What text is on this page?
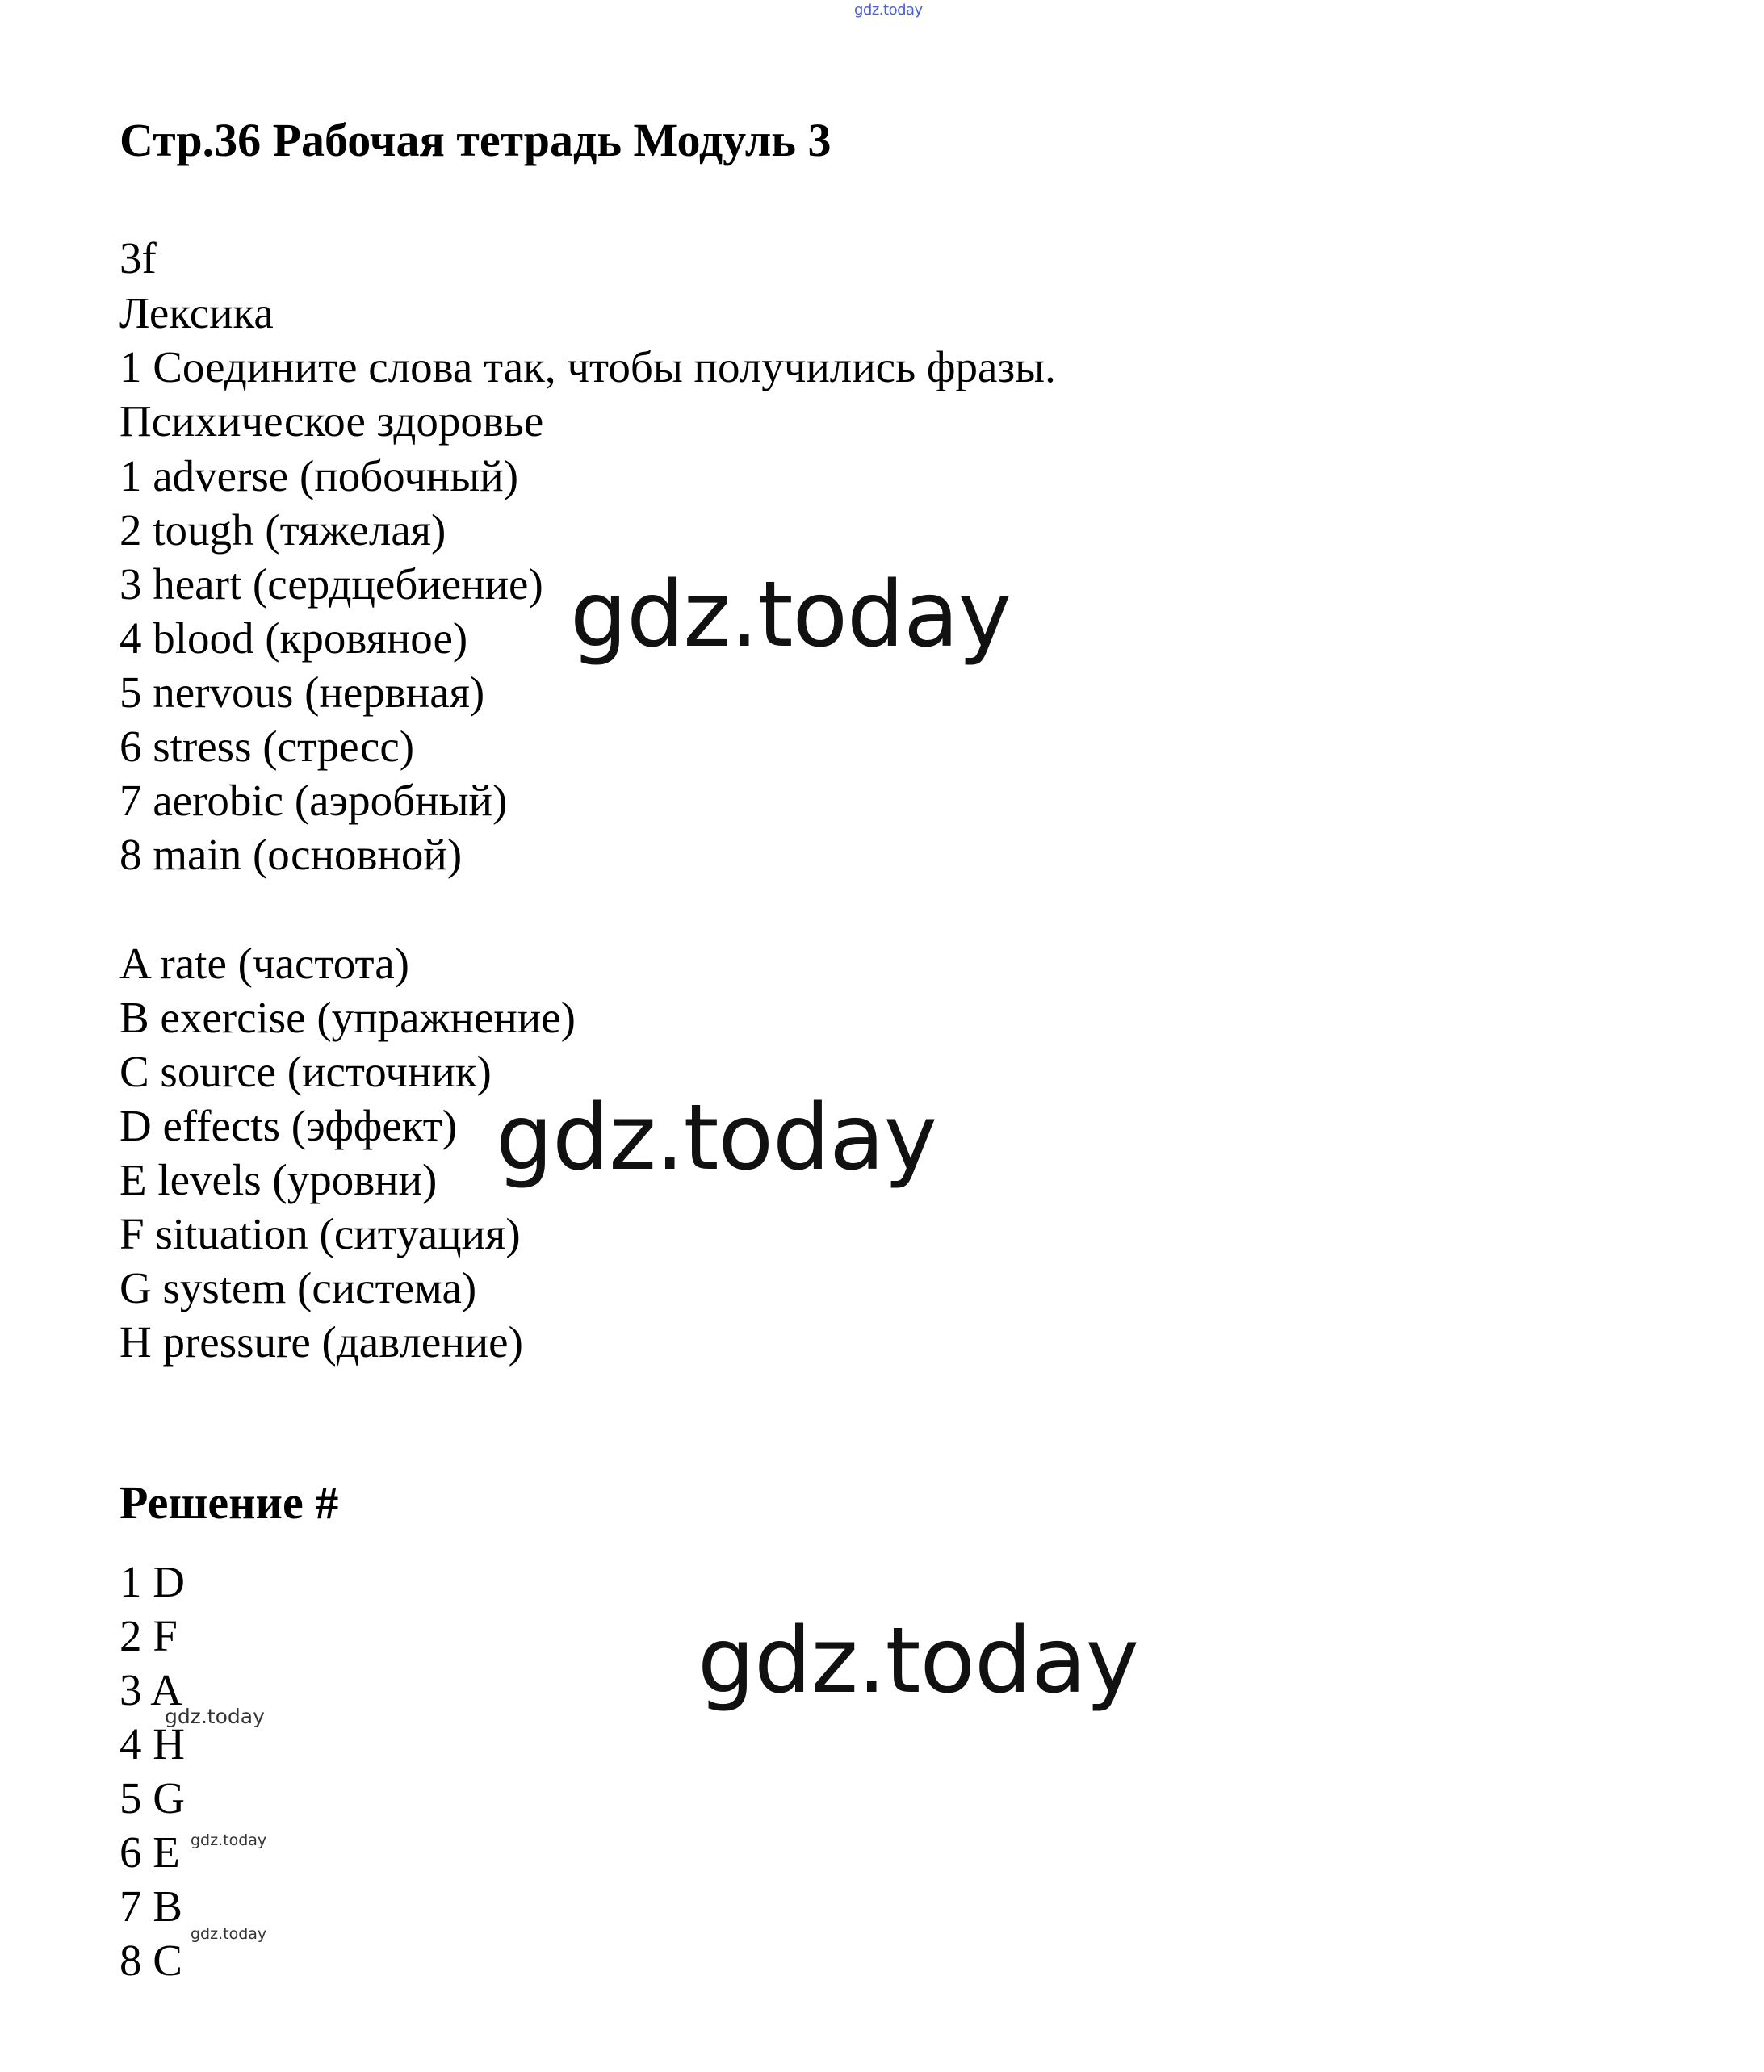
gdz.today
Стр.36 Рабочая тетрадь Модуль 3
3f
Лексика
1 Соедините слова так, чтобы получились фразы.
Психическое здоровье
1 adverse (побочный)
2 tough (тяжелая)
3 heart (сердцебиение)
4 blood (кровяное)
5 nervous (нервная)
6 stress (стресс)
7 aerobic (аэробный)
8 main (основной)
A rate (частота)
B exercise (упражнение)
C source (источник)
D effects (эффект)
E levels (уровни)
F situation (ситуация)
G system (система)
H pressure (давление)
Решение #
1 D
2 F
3 A
4 H
5 G
6 E
7 B
8 C
gdz.today
gdz.today
gdz.today
gdz.today
gdz.today
gdz.today
